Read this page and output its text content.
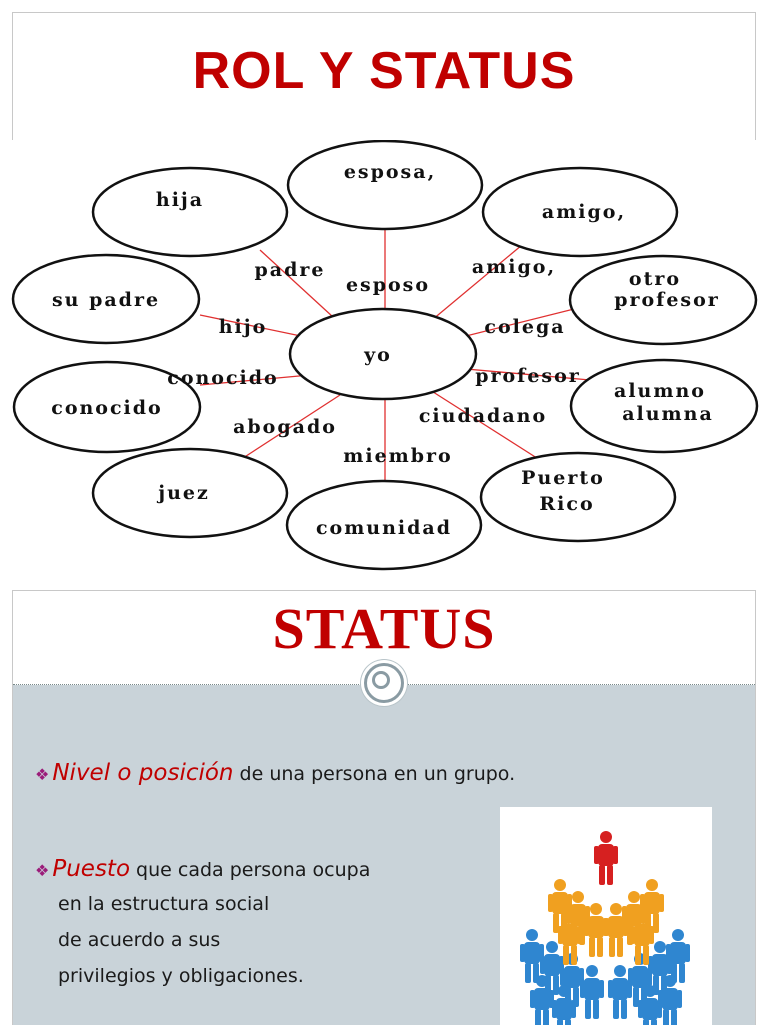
ROL Y STATUS
yo
esposa,
amigo,
otro
profesor
alumno
alumna
Puerto
Rico
comunidad
juez
conocido
su padre
hija
esposo
amigo,
colega
profesor
ciudadano
miembro
abogado
conocido
hijo
padre
STATUS
❖ Nivel o posición de una persona en un grupo.
❖ Puesto que cada persona ocupa
en la estructura social
de acuerdo a sus
privilegios y obligaciones.
